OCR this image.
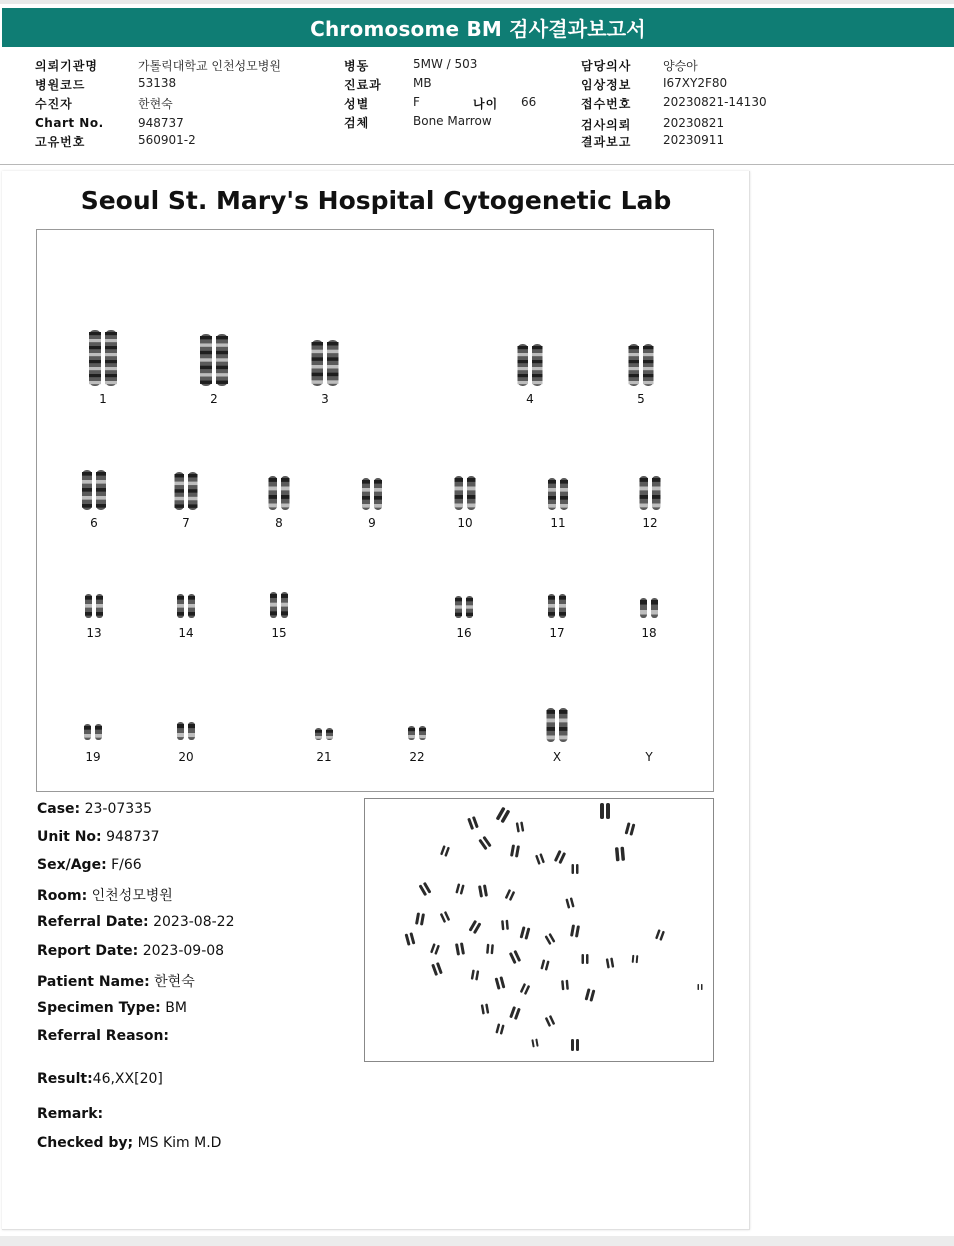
Chromosome BM 검사결과보고서
의뢰기관명	가톨릭대학교 인천성모병원
병원코드	53138
수진자	한현숙
Chart No.	948737
고유번호	560901-2
병동	5MW / 503
진료과	MB
성별	F	나이 66
검체	Bone Marrow
담당의사	양승아
임상정보	I67XY2F80
접수번호	20230821-14130
검사의뢰	20230821
결과보고	20230911
Seoul St. Mary's Hospital Cytogenetic Lab
1	2	3	4	5
6	7	8	9	10	11	12
13	14	15	16	17	18
19	20	21	22	X	Y
Case: 23-07335
Unit No: 948737
Sex/Age: F/66
Room: 인천성모병원
Referral Date: 2023-08-22
Report Date: 2023-09-08
Patient Name: 한현숙
Specimen Type: BM
Referral Reason:
Result:46,XX[20]
Remark:
Checked by; MS Kim M.D
